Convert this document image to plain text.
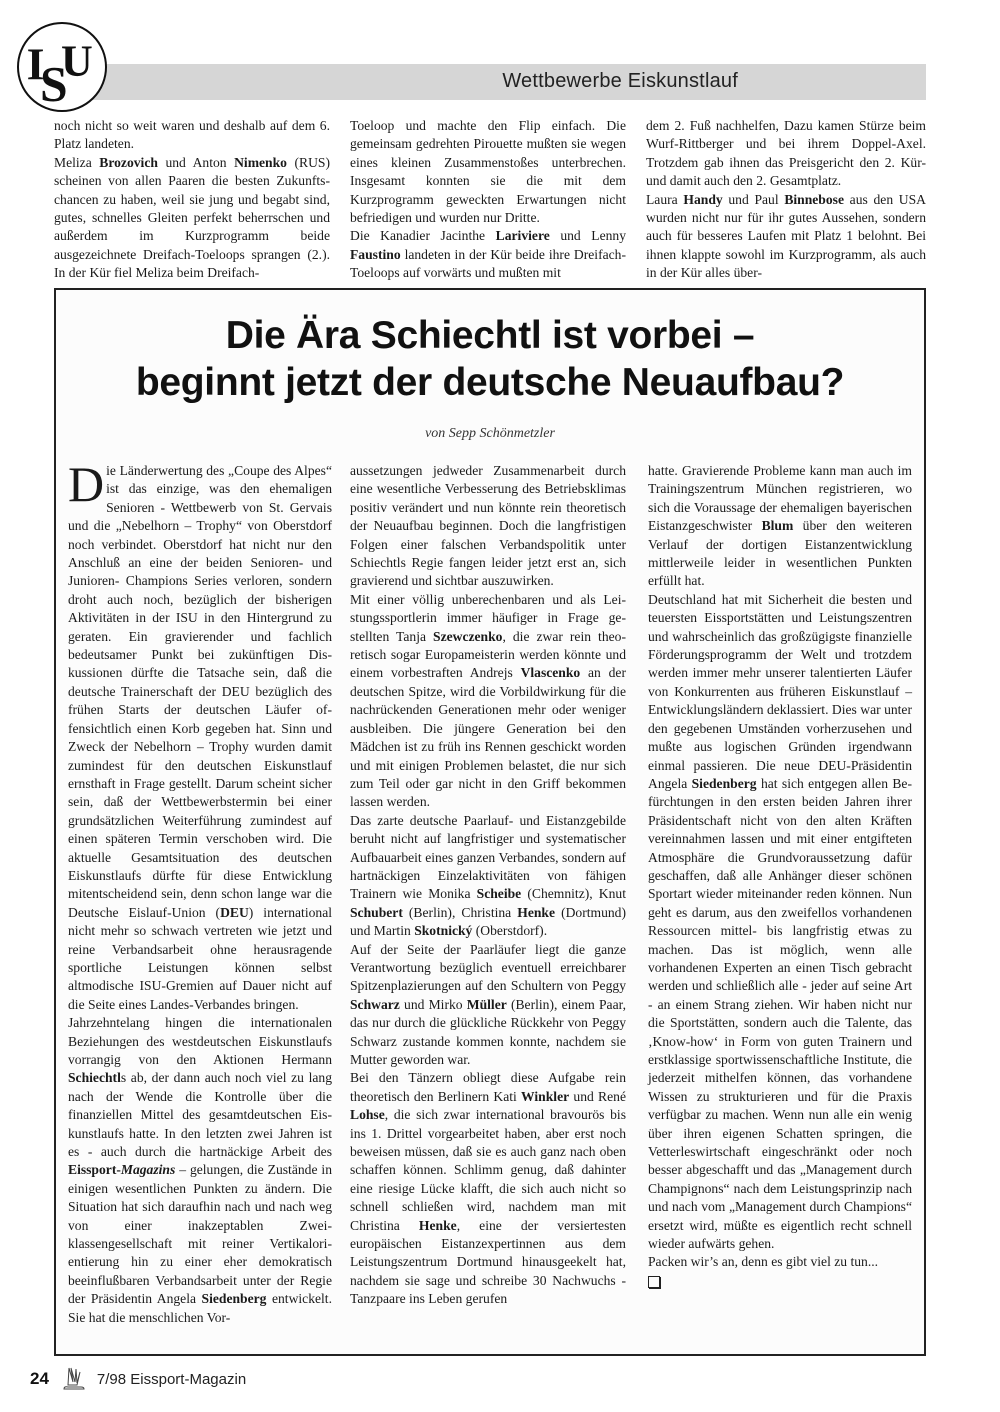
I
S
U	Wettbewerbe Eiskunstlauf

noch nicht so weit waren und deshalb auf dem 6. Platz landeten.

Meliza Brozovich und Anton Nimenko (RUS) scheinen von allen Paaren die besten Zukunftschancen zu haben, weil sie jung und begabt sind, gutes, schnelles Gleiten perfekt beherrschen und außerdem im Kurzprogramm beide ausgezeichnete Dreifach-Toeloops sprangen (2.). In der Kür fiel Meliza beim Dreifach-

Toeloop und machte den Flip einfach. Die gemeinsam gedrehten Pirouette mußten sie wegen eines kleinen Zusammenstoßes unterbrechen. Insgesamt konnten sie die mit dem Kurzprogramm geweckten Erwartungen nicht befriedigen und wurden nur Dritte.

Die Kanadier Jacinthe Lariviere und Lenny Faustino landeten in der Kür beide ihre Dreifach-Toeloops auf vorwärts und mußten mit

dem 2. Fuß nachhelfen, Dazu kamen Stürze beim Wurf-Rittberger und bei ihrem Doppel-Axel. Trotzdem gab ihnen das Preisgericht den 2. Kür- und damit auch den 2. Gesamtplatz.

Laura Handy und Paul Binnebose aus den USA wurden nicht nur für ihr gutes Aussehen, sondern auch für besseres Laufen mit Platz 1 belohnt. Bei ihnen klappte sowohl im Kurzprogramm, als auch in der Kür alles über-

Die Ära Schiechtl ist vorbei –
beginnt jetzt der deutsche Neuaufbau?
von Sepp Schönmetzler
D ie Länderwertung des „Coupe des Alpes“ ist das einzige, was den ehemaligen Senioren - Wettbewerb von St. Gervais und die „Nebelhorn – Trophy“ von Oberstdorf noch verbindet. Oberstdorf hat nicht nur den Anschluß an eine der beiden Senioren- und Junioren- Champions Series verloren, sondern droht auch noch, bezüglich der bisherigen Aktivitäten in der ISU in den Hintergrund zu geraten. Ein gravierender und fachlich bedeutsamer Punkt bei zukünftigen Diskussionen dürfte die Tatsache sein, daß die deutsche Trainerschaft der DEU bezüglich des frühen Starts der deutschen Läufer offensichtlich einen Korb gegeben hat. Sinn und Zweck der Nebelhorn – Trophy wurden damit zumindest für den deutschen Eiskunstlauf ernsthaft in Frage gestellt. Darum scheint sicher sein, daß der Wettbewerbstermin bei einer grundsätzlichen Weiterführung zumindest auf einen späteren Termin verschoben wird. Die aktuelle Gesamtsituation des deutschen Eiskunstlaufs dürfte für diese Entwicklung mitentscheidend sein, denn schon lange war die Deutsche Eislauf-Union (DEU) international nicht mehr so schwach vertreten wie jetzt und reine Verbandsarbeit ohne herausragende sportliche Leistungen können selbst altmodische ISU-Gremien auf Dauer nicht auf die Seite eines Landes-Verbandes bringen.

Jahrzehntelang hingen die internationalen Beziehungen des westdeutschen Eiskunstlaufs vorrangig von den Aktionen Hermann Schiechtls ab, der dann auch noch viel zu lang nach der Wende die Kontrolle über die finanziellen Mittel des gesamtdeutschen Eiskunstlaufs hatte. In den letzten zwei Jahren ist es - auch durch die hartnäckige Arbeit des Eissport-Magazins – gelungen, die Zustände in einigen wesentlichen Punkten zu ändern. Die Situation hat sich daraufhin nach und nach weg von einer inakzeptablen Zweiklassengesellschaft mit reiner Vertikalorientierung hin zu einer eher demokratisch beeinflußbaren Verbandsarbeit unter der Regie der Präsidentin Angela Siedenberg entwickelt. Sie hat die menschlichen Vor-

aussetzungen jedweder Zusammenarbeit durch eine wesentliche Verbesserung des Betriebsklimas positiv verändert und nun könnte rein theoretisch der Neuaufbau beginnen. Doch die langfristigen Folgen einer falschen Verbandspolitik unter Schiechtls Regie fangen leider jetzt erst an, sich gravierend und sichtbar auszuwirken.

Mit einer völlig unberechenbaren und als Leistungssportlerin immer häufiger in Frage gestellten Tanja Szewczenko, die zwar rein theoretisch sogar Europameisterin werden könnte und einem vorbestraften Andrejs Vlascenko an der deutschen Spitze, wird die Vorbildwirkung für die nachrückenden Generationen mehr oder weniger ausbleiben. Die jüngere Generation bei den Mädchen ist zu früh ins Rennen geschickt worden und mit einigen Problemen belastet, die nur sich zum Teil oder gar nicht in den Griff bekommen lassen werden.

Das zarte deutsche Paarlauf- und Eistanzgebilde beruht nicht auf langfristiger und systematischer Aufbauarbeit eines ganzen Verbandes, sondern auf hartnäckigen Einzelaktivitäten von fähigen Trainern wie Monika Scheibe (Chemnitz), Knut Schubert (Berlin), Christina Henke (Dortmund) und Martin Skotnický (Oberstdorf).

Auf der Seite der Paarläufer liegt die ganze Verantwortung bezüglich eventuell erreichbarer Spitzenplazierungen auf den Schultern von Peggy Schwarz und Mirko Müller (Berlin), einem Paar, das nur durch die glückliche Rückkehr von Peggy Schwarz zustande kommen konnte, nachdem sie Mutter geworden war.

Bei den Tänzern obliegt diese Aufgabe rein theoretisch den Berlinern Kati Winkler und René Lohse, die sich zwar international bravourös bis ins 1. Drittel vorgearbeitet haben, aber erst noch beweisen müssen, daß sie es auch ganz nach oben schaffen können. Schlimm genug, daß dahinter eine riesige Lücke klafft, die sich auch nicht so schnell schließen wird, nachdem man mit Christina Henke, eine der versiertesten europäischen Eistanzexpertinnen aus dem Leistungszentrum Dortmund hinausgeekelt hat, nachdem sie sage und schreibe 30 Nachwuchs - Tanzpaare ins Leben gerufen

hatte. Gravierende Probleme kann man auch im Trainingszentrum München registrieren, wo sich die Voraussage der ehemaligen bayerischen Eistanzgeschwister Blum über den weiteren Verlauf der dortigen Eistanzentwicklung mittlerweile leider in wesentlichen Punkten erfüllt hat.

Deutschland hat mit Sicherheit die besten und teuersten Eissportstätten und Leistungszentren und wahrscheinlich das großzügigste finanzielle Förderungsprogramm der Welt und trotzdem werden immer mehr unserer talentierten Läufer von Konkurrenten aus früheren Eiskunstlauf – Entwicklungsländern deklassiert. Dies war unter den gegebenen Umständen vorherzusehen und mußte aus logischen Gründen irgendwann einmal passieren. Die neue DEU-Präsidentin Angela Siedenberg hat sich entgegen allen Befürchtungen in den ersten beiden Jahren ihrer Präsidentschaft nicht von den alten Kräften vereinnahmen lassen und mit einer entgifteten Atmosphäre die Grundvoraussetzung dafür geschaffen, daß alle Anhänger dieser schönen Sportart wieder miteinander reden können. Nun geht es darum, aus den zweifellos vorhandenen Ressourcen mittel- bis langfristig etwas zu machen. Das ist möglich, wenn alle vorhandenen Experten an einen Tisch gebracht werden und schließlich alle - jeder auf seine Art - an einem Strang ziehen. Wir haben nicht nur die Sportstätten, sondern auch die Talente, das ‚Know-how‘ in Form von guten Trainern und erstklassige sportwissenschaftliche Institute, die jederzeit mithelfen können, das vorhandene Wissen zu strukturieren und für die Praxis verfügbar zu machen. Wenn nun alle ein wenig über ihren eigenen Schatten springen, die Vetterleswirtschaft eingeschränkt oder noch besser abgeschafft und das „Management durch Champignons“ nach dem Leistungsprinzip nach und nach vom „Management durch Champions“ ersetzt wird, müßte es eigentlich recht schnell wieder aufwärts gehen.

Packen wir’s an, denn es gibt viel zu tun...

24	7/98 Eissport-Magazin
